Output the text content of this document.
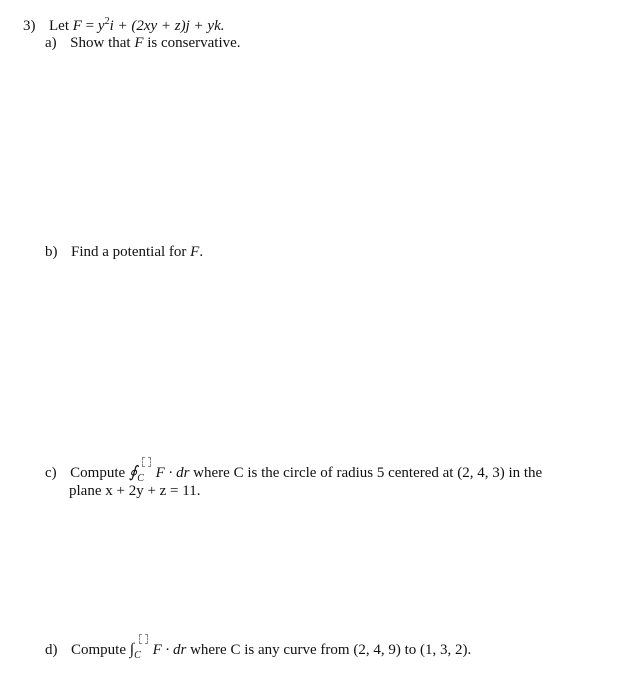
3) Let $F = y^2i + (2xy + z)j$ + yk.
a) Show that F is conservative.
b) Find a potential for F.
c) Compute $∮_C$ F · dr where C is the circle of radius 5 centered at (2, 4, 3) in the
plane x + 2y + z = 11.
d) Compute $\int_C$ F · dr where C is any curve from (2, 4, 9) to (1, 3, 2).
